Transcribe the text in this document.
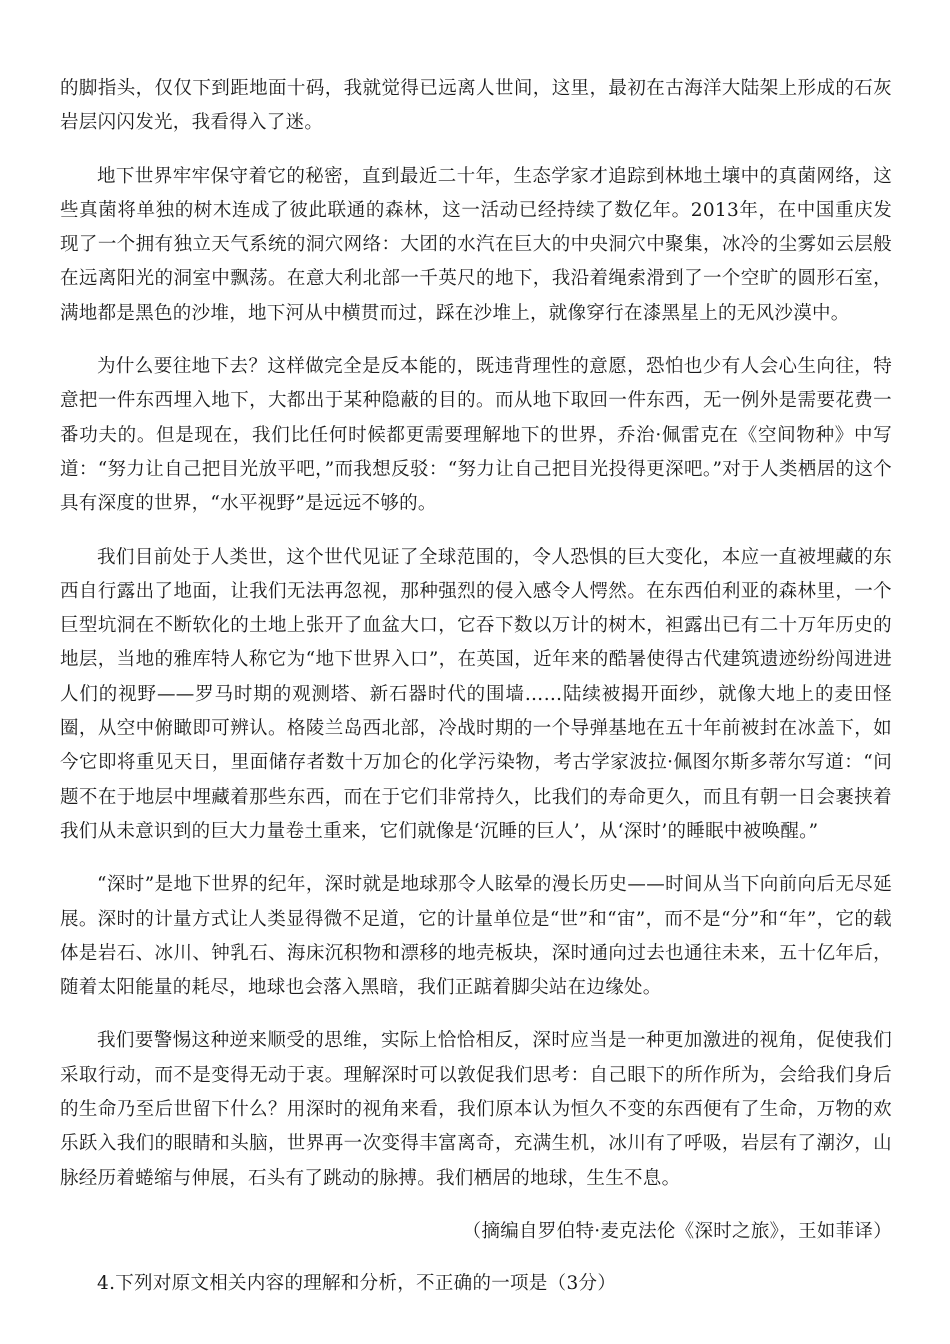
的脚指头，仅仅下到距地面十码，我就觉得已远离人世间，这里，最初在古海洋大陆架上形成的石灰岩层闪闪发光，我看得入了迷。

地下世界牢牢保守着它的秘密，直到最近二十年，生态学家才追踪到林地土壤中的真菌网络，这些真菌将单独的树木连成了彼此联通的森林，这一活动已经持续了数亿年。2013年，在中国重庆发现了一个拥有独立天气系统的洞穴网络：大团的水汽在巨大的中央洞穴中聚集，冰冷的尘雾如云层般在远离阳光的洞室中飘荡。在意大利北部一千英尺的地下，我沿着绳索滑到了一个空旷的圆形石室，满地都是黑色的沙堆，地下河从中横贯而过，踩在沙堆上，就像穿行在漆黑星上的无风沙漠中。

为什么要往地下去？这样做完全是反本能的，既违背理性的意愿，恐怕也少有人会心生向往，特意把一件东西埋入地下，大都出于某种隐蔽的目的。而从地下取回一件东西，无一例外是需要花费一番功夫的。但是现在，我们比任何时候都更需要理解地下的世界，乔治·佩雷克在《空间物种》中写道：“努力让自己把目光放平吧，”而我想反驳：“努力让自己把目光投得更深吧。”对于人类栖居的这个具有深度的世界，“水平视野”是远远不够的。

我们目前处于人类世，这个世代见证了全球范围的，令人恐惧的巨大变化，本应一直被埋藏的东西自行露出了地面，让我们无法再忽视，那种强烈的侵入感令人愕然。在东西伯利亚的森林里，一个巨型坑洞在不断软化的土地上张开了血盆大口，它吞下数以万计的树木，袒露出已有二十万年历史的地层，当地的雅库特人称它为“地下世界入口”，在英国，近年来的酷暑使得古代建筑遗迹纷纷闯进进人们的视野——罗马时期的观测塔、新石器时代的围墙……陆续被揭开面纱，就像大地上的麦田怪圈，从空中俯瞰即可辨认。格陵兰岛西北部，冷战时期的一个导弹基地在五十年前被封在冰盖下，如今它即将重见天日，里面储存者数十万加仑的化学污染物，考古学家波拉·佩图尔斯多蒂尔写道：“问题不在于地层中埋藏着那些东西，而在于它们非常持久，比我们的寿命更久，而且有朝一日会裹挟着我们从未意识到的巨大力量卷土重来，它们就像是‘沉睡的巨人’，从‘深时’的睡眠中被唤醒。”

“深时”是地下世界的纪年，深时就是地球那令人眩晕的漫长历史——时间从当下向前向后无尽延展。深时的计量方式让人类显得微不足道，它的计量单位是“世”和“宙”，而不是“分”和“年”，它的载体是岩石、冰川、钟乳石、海床沉积物和漂移的地壳板块，深时通向过去也通往未来，五十亿年后，随着太阳能量的耗尽，地球也会落入黑暗，我们正踮着脚尖站在边缘处。

我们要警惕这种逆来顺受的思维，实际上恰恰相反，深时应当是一种更加激进的视角，促使我们采取行动，而不是变得无动于衷。理解深时可以敦促我们思考：自己眼下的所作所为，会给我们身后的生命乃至后世留下什么？用深时的视角来看，我们原本认为恒久不变的东西便有了生命，万物的欢乐跃入我们的眼睛和头脑，世界再一次变得丰富离奇，充满生机，冰川有了呼吸，岩层有了潮汐，山脉经历着蜷缩与伸展，石头有了跳动的脉搏。我们栖居的地球，生生不息。

（摘编自罗伯特·麦克法伦《深时之旅》，王如菲译）

4.下列对原文相关内容的理解和分析，不正确的一项是（3分）
